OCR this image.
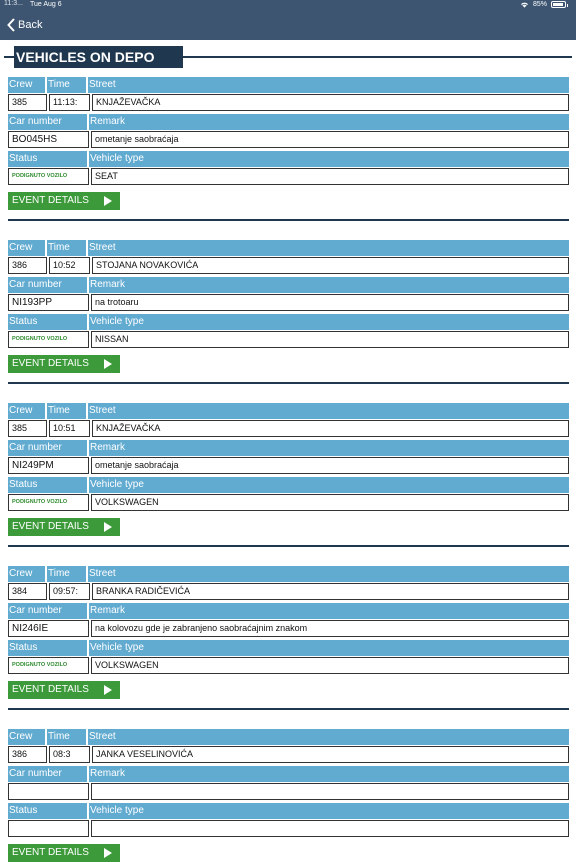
11:3... Tue Aug 6	85%
Back
VEHICLES ON DEPO
Crew	Time	Street
385	11:13:	KNJAŽEVAČKA
Car number	Remark
BO045HS	ometanje saobraćaja
Status	Vehicle type
PODIGNUTO VOZILO	SEAT
EVENT DETAILS
Crew	Time	Street
386	10:52	STOJANA NOVAKOVIĆA
Car number	Remark
NI193PP	na trotoaru
Status	Vehicle type
PODIGNUTO VOZILO	NISSAN
EVENT DETAILS
Crew	Time	Street
385	10:51	KNJAŽEVAČKA
Car number	Remark
NI249PM	ometanje saobraćaja
Status	Vehicle type
PODIGNUTO VOZILO	VOLKSWAGEN
EVENT DETAILS
Crew	Time	Street
384	09:57:	BRANKA RADIČEVIĆA
Car number	Remark
NI246IE	na kolovozu gde je zabranjeno saobraćajnim znakom
Status	Vehicle type
PODIGNUTO VOZILO	VOLKSWAGEN
EVENT DETAILS
Crew	Time	Street
386	08:3	JANKA VESELINOVIĆA
Car number	Remark
Status	Vehicle type
EVENT DETAILS
